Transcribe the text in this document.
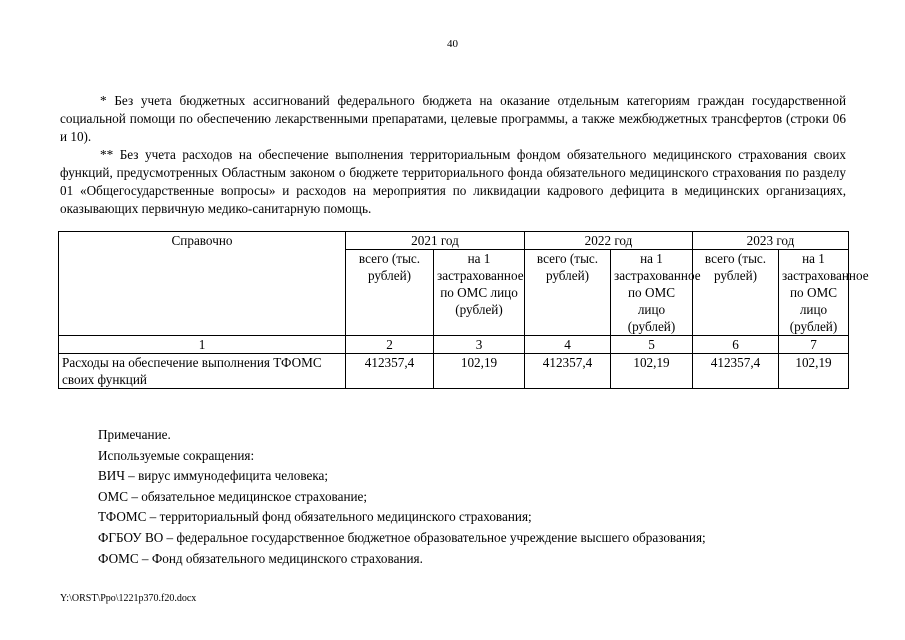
40

* Без учета бюджетных ассигнований федерального бюджета на оказание отдельным категориям граждан государственной социальной помощи по обеспечению лекарственными препаратами, целевые программы, а также межбюджетных трансфертов (строки 06 и 10).

** Без учета расходов на обеспечение выполнения территориальным фондом обязательного медицинского страхования своих функций, предусмотренных Областным законом о бюджете территориального фонда обязательного медицинского страхования по разделу 01 «Общегосударственные вопросы» и расходов на мероприятия по ликвидации кадрового дефицита в медицинских организациях, оказывающих первичную медико-санитарную помощь.

Справочно	2021 год		2022 год		2023 год	
	всего (тыс. рублей)	на 1 застрахованное по ОМС лицо (рублей)	всего (тыс. рублей)	на 1 застрахованное по ОМС лицо (рублей)	всего (тыс. рублей)	на 1 застрахованное по ОМС лицо (рублей)
1	2	3	4	5	6	7
Расходы на обеспечение выполнения ТФОМС своих функций	412357,4	102,19	412357,4	102,19	412357,4	102,19
Примечание.
Используемые сокращения:
ВИЧ – вирус иммунодефицита человека;
ОМС – обязательное медицинское страхование;
ТФОМС – территориальный фонд обязательного медицинского страхования;
ФГБОУ ВО – федеральное государственное бюджетное образовательное учреждение высшего образования;
ФОМС – Фонд обязательного медицинского страхования.
Y:\ORST\Ppo\1221p370.f20.docx
